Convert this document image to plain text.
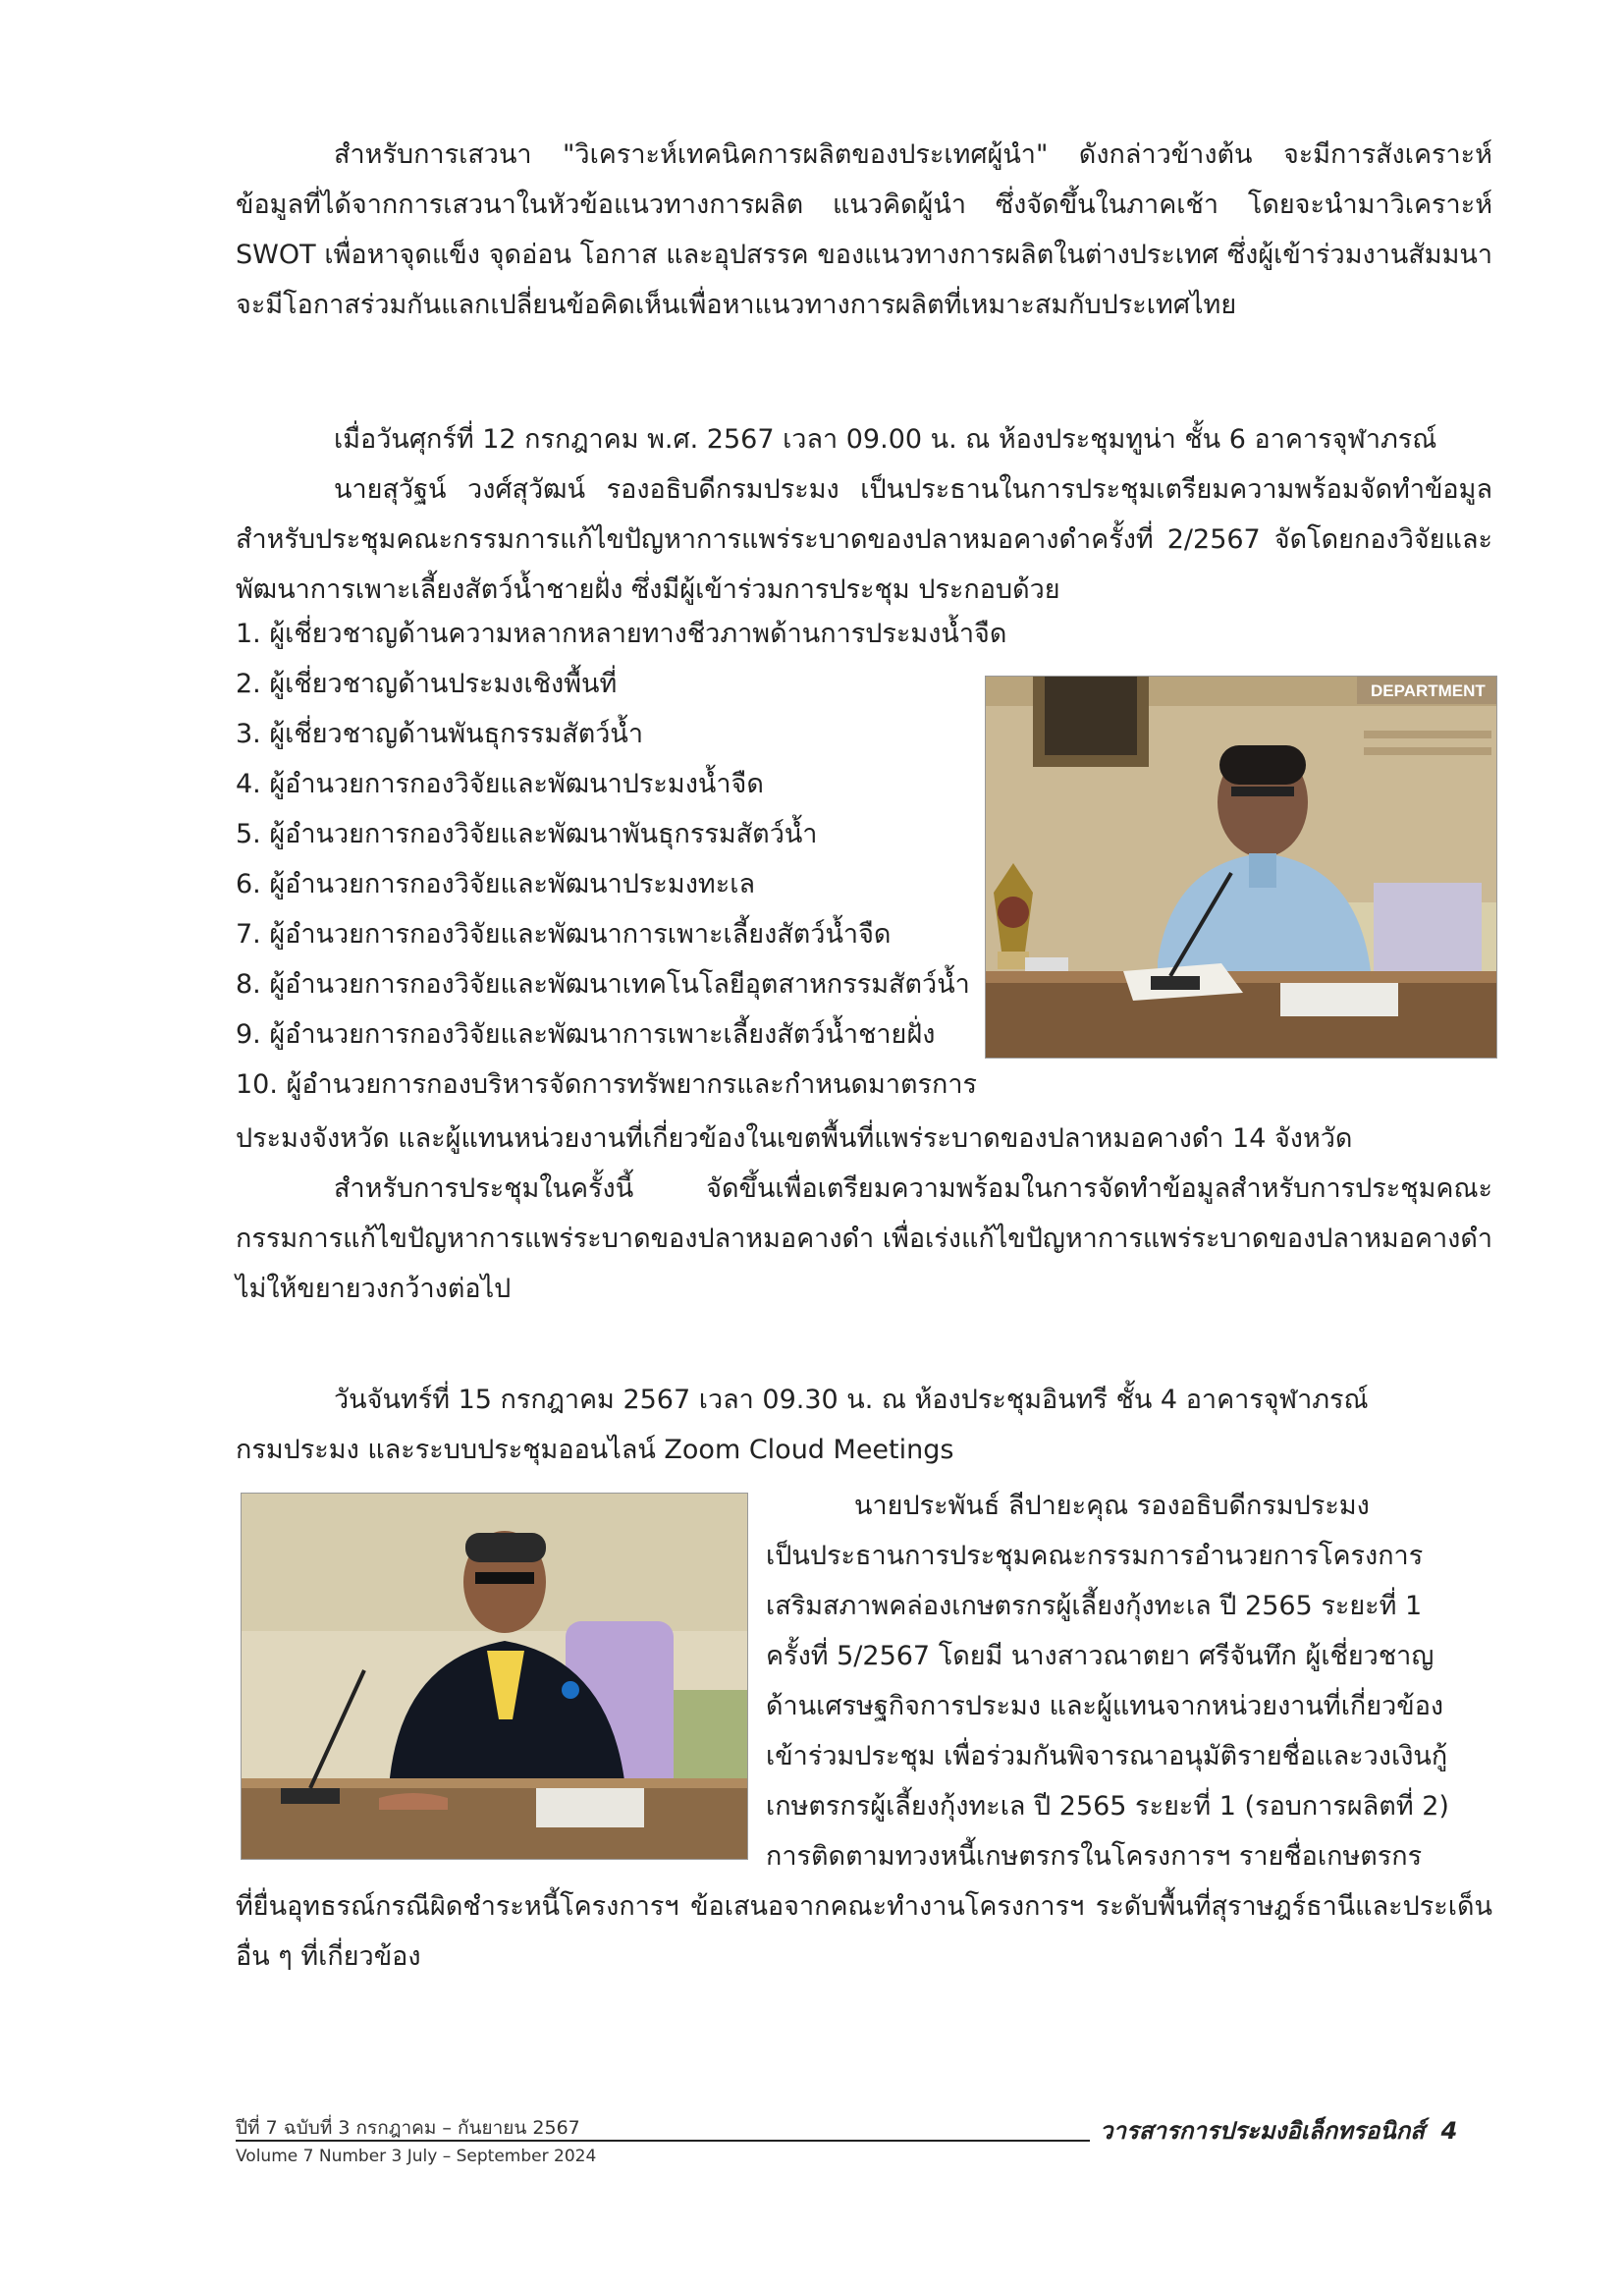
สำหรับการเสวนา "วิเคราะห์เทคนิคการผลิตของประเทศผู้นำ" ดังกล่าวข้างต้น จะมีการสังเคราะห์ข้อมูลที่ได้จากการเสวนาในหัวข้อแนวทางการผลิต แนวคิดผู้นำ ซึ่งจัดขึ้นในภาคเช้า โดยจะนำมาวิเคราะห์ SWOT เพื่อหาจุดแข็ง จุดอ่อน โอกาส และอุปสรรค ของแนวทางการผลิตในต่างประเทศ ซึ่งผู้เข้าร่วมงานสัมมนาจะมีโอกาสร่วมกันแลกเปลี่ยนข้อคิดเห็นเพื่อหาแนวทางการผลิตที่เหมาะสมกับประเทศไทย
เมื่อวันศุกร์ที่ 12 กรกฎาคม พ.ศ. 2567 เวลา 09.00 น. ณ ห้องประชุมทูน่า ชั้น 6 อาคารจุฬาภรณ์
นายสุวัฐน์ วงศ์สุวัฒน์ รองอธิบดีกรมประมง เป็นประธานในการประชุมเตรียมความพร้อมจัดทำข้อมูลสำหรับประชุมคณะกรรมการแก้ไขปัญหาการแพร่ระบาดของปลาหมอคางดำครั้งที่ 2/2567 จัดโดยกองวิจัยและพัฒนาการเพาะเลี้ยงสัตว์น้ำชายฝั่ง ซึ่งมีผู้เข้าร่วมการประชุม ประกอบด้วย
1. ผู้เชี่ยวชาญด้านความหลากหลายทางชีวภาพด้านการประมงน้ำจืด
2. ผู้เชี่ยวชาญด้านประมงเชิงพื้นที่
3. ผู้เชี่ยวชาญด้านพันธุกรรมสัตว์น้ำ
4. ผู้อำนวยการกองวิจัยและพัฒนาประมงน้ำจืด
5. ผู้อำนวยการกองวิจัยและพัฒนาพันธุกรรมสัตว์น้ำ
6. ผู้อำนวยการกองวิจัยและพัฒนาประมงทะเล
7. ผู้อำนวยการกองวิจัยและพัฒนาการเพาะเลี้ยงสัตว์น้ำจืด
8. ผู้อำนวยการกองวิจัยและพัฒนาเทคโนโลยีอุตสาหกรรมสัตว์น้ำ
9. ผู้อำนวยการกองวิจัยและพัฒนาการเพาะเลี้ยงสัตว์น้ำชายฝั่ง
10. ผู้อำนวยการกองบริหารจัดการทรัพยากรและกำหนดมาตรการ
DEPARTMENT
ประมงจังหวัด และผู้แทนหน่วยงานที่เกี่ยวข้องในเขตพื้นที่แพร่ระบาดของปลาหมอคางดำ 14 จังหวัด
สำหรับการประชุมในครั้งนี้ จัดขึ้นเพื่อเตรียมความพร้อมในการจัดทำข้อมูลสำหรับการประชุมคณะกรรมการแก้ไขปัญหาการแพร่ระบาดของปลาหมอคางดำ เพื่อเร่งแก้ไขปัญหาการแพร่ระบาดของปลาหมอคางดำไม่ให้ขยายวงกว้างต่อไป
วันจันทร์ที่ 15 กรกฎาคม 2567 เวลา 09.30 น. ณ ห้องประชุมอินทรี ชั้น 4 อาคารจุฬาภรณ์
กรมประมง และระบบประชุมออนไลน์ Zoom Cloud Meetings
นายประพันธ์ ลีปายะคุณ รองอธิบดีกรมประมง
เป็นประธานการประชุมคณะกรรมการอำนวยการโครงการ
เสริมสภาพคล่องเกษตรกรผู้เลี้ยงกุ้งทะเล ปี 2565 ระยะที่ 1
ครั้งที่ 5/2567 โดยมี นางสาวณาตยา ศรีจันทึก ผู้เชี่ยวชาญ
ด้านเศรษฐกิจการประมง และผู้แทนจากหน่วยงานที่เกี่ยวข้อง
เข้าร่วมประชุม เพื่อร่วมกันพิจารณาอนุมัติรายชื่อและวงเงินกู้
เกษตรกรผู้เลี้ยงกุ้งทะเล ปี 2565 ระยะที่ 1 (รอบการผลิตที่ 2)
การติดตามทวงหนี้เกษตรกรในโครงการฯ รายชื่อเกษตรกร
ที่ยื่นอุทธรณ์กรณีผิดชำระหนี้โครงการฯ ข้อเสนอจากคณะทำงานโครงการฯ ระดับพื้นที่สุราษฎร์ธานีและประเด็นอื่น ๆ ที่เกี่ยวข้อง
ปีที่ 7 ฉบับที่ 3 กรกฎาคม – กันยายน 2567
Volume 7 Number 3 July – September 2024
วารสารการประมงอิเล็กทรอนิกส์ 4
